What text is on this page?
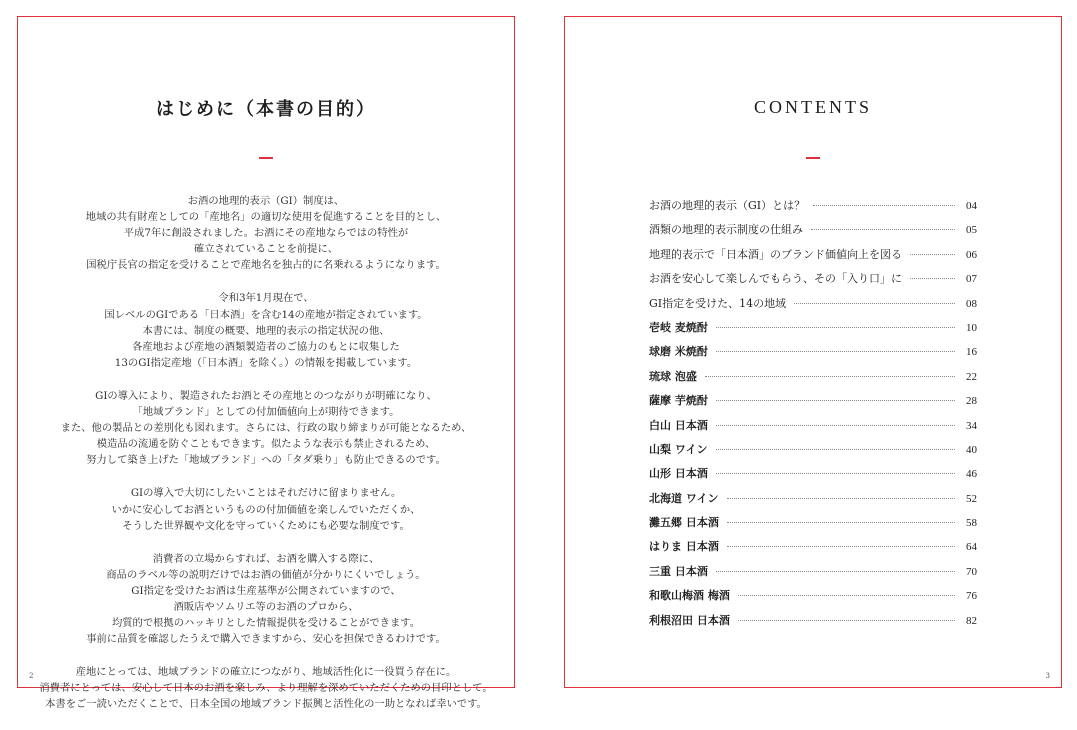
はじめに（本書の目的）
お酒の地理的表示（GI）制度は、
地域の共有財産としての「産地名」の適切な使用を促進することを目的とし、
平成7年に創設されました。お酒にその産地ならではの特性が
確立されていることを前提に、
国税庁長官の指定を受けることで産地名を独占的に名乗れるようになります。
令和3年1月現在で、
国レベルのGIである「日本酒」を含む14の産地が指定されています。
本書には、制度の概要、地理的表示の指定状況の他、
各産地および産地の酒類製造者のご協力のもとに収集した
13のGI指定産地（「日本酒」を除く。）の情報を掲載しています。
GIの導入により、製造されたお酒とその産地とのつながりが明確になり、
「地域ブランド」としての付加価値向上が期待できます。
また、他の製品との差別化も図れます。さらには、行政の取り締まりが可能となるため、
模造品の流通を防ぐこともできます。似たような表示も禁止されるため、
努力して築き上げた「地域ブランド」への「タダ乗り」も防止できるのです。
GIの導入で大切にしたいことはそれだけに留まりません。
いかに安心してお酒というものの付加価値を楽しんでいただくか、
そうした世界観や文化を守っていくためにも必要な制度です。
消費者の立場からすれば、お酒を購入する際に、
商品のラベル等の説明だけではお酒の価値が分かりにくいでしょう。
GI指定を受けたお酒は生産基準が公開されていますので、
酒販店やソムリエ等のお酒のプロから、
均質的で根拠のハッキリとした情報提供を受けることができます。
事前に品質を確認したうえで購入できますから、安心を担保できるわけです。
産地にとっては、地域ブランドの確立につながり、地域活性化に一役買う存在に。
消費者にとっては、安心して日本のお酒を楽しみ、より理解を深めていただくための目印として。
本書をご一読いただくことで、日本全国の地域ブランド振興と活性化の一助となれば幸いです。
2
CONTENTS
お酒の地理的表示（GI）とは？	04
酒類の地理的表示制度の仕組み	05
地理的表示で「日本酒」のブランド価値向上を図る	06
お酒を安心して楽しんでもらう、その「入り口」に	07
GI指定を受けた、14の地域	08
壱岐 麦焼酎	10
球磨 米焼酎	16
琉球 泡盛	22
薩摩 芋焼酎	28
白山 日本酒	34
山梨 ワイン	40
山形 日本酒	46
北海道 ワイン	52
灘五郷 日本酒	58
はりま 日本酒	64
三重 日本酒	70
和歌山梅酒 梅酒	76
利根沼田 日本酒	82
3
